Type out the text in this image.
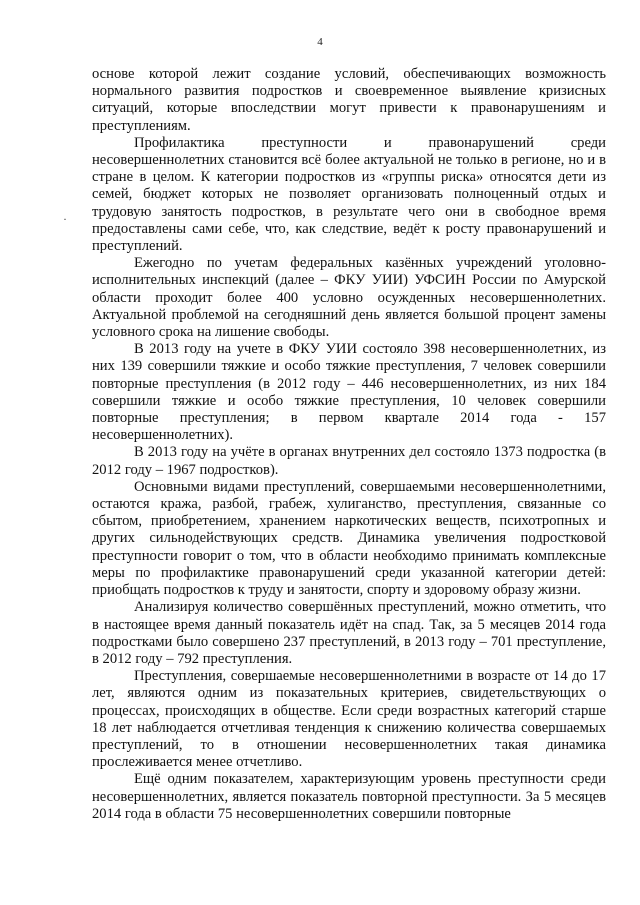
4
·

основе которой лежит создание условий, обеспечивающих возможность нормального развития подростков и своевременное выявление кризисных ситуаций, которые впоследствии могут привести к правонарушениям и преступлениям.

Профилактика преступности и правонарушений среди несовершеннолетних становится всё более актуальной не только в регионе, но и в стране в целом. К категории подростков из «группы риска» относятся дети из семей, бюджет которых не позволяет организовать полноценный отдых и трудовую занятость подростков, в результате чего они в свободное время предоставлены сами себе, что, как следствие, ведёт к росту правонарушений и преступлений.

Ежегодно по учетам федеральных казённых учреждений уголовно-исполнительных инспекций (далее – ФКУ УИИ) УФСИН России по Амурской области проходит более 400 условно осужденных несовершеннолетних. Актуальной проблемой на сегодняшний день является большой процент замены условного срока на лишение свободы.

В 2013 году на учете в ФКУ УИИ состояло 398 несовершеннолетних, из них 139 совершили тяжкие и особо тяжкие преступления, 7 человек совершили повторные преступления (в 2012 году – 446 несовершеннолетних, из них 184 совершили тяжкие и особо тяжкие преступления, 10 человек совершили повторные преступления; в первом квартале 2014 года - 157 несовершеннолетних).

В 2013 году на учёте в органах внутренних дел состояло 1373 подростка (в 2012 году – 1967 подростков).

Основными видами преступлений, совершаемыми несовершеннолетними, остаются кража, разбой, грабеж, хулиганство, преступления, связанные со сбытом, приобретением, хранением наркотических веществ, психотропных и других сильнодействующих средств. Динамика увеличения подростковой преступности говорит о том, что в области необходимо принимать комплексные меры по профилактике правонарушений среди указанной категории детей: приобщать подростков к труду и занятости, спорту и здоровому образу жизни.

Анализируя количество совершённых преступлений, можно отметить, что в настоящее время данный показатель идёт на спад. Так, за 5 месяцев 2014 года подростками было совершено 237 преступлений, в 2013 году – 701 преступление, в 2012 году – 792 преступления.

Преступления, совершаемые несовершеннолетними в возрасте от 14 до 17 лет, являются одним из показательных критериев, свидетельствующих о процессах, происходящих в обществе. Если среди возрастных категорий старше 18 лет наблюдается отчетливая тенденция к снижению количества совершаемых преступлений, то в отношении несовершеннолетних такая динамика прослеживается менее отчетливо.

Ещё одним показателем, характеризующим уровень преступности среди несовершеннолетних, является показатель повторной преступности. За 5 месяцев 2014 года в области 75 несовершеннолетних совершили повторные
